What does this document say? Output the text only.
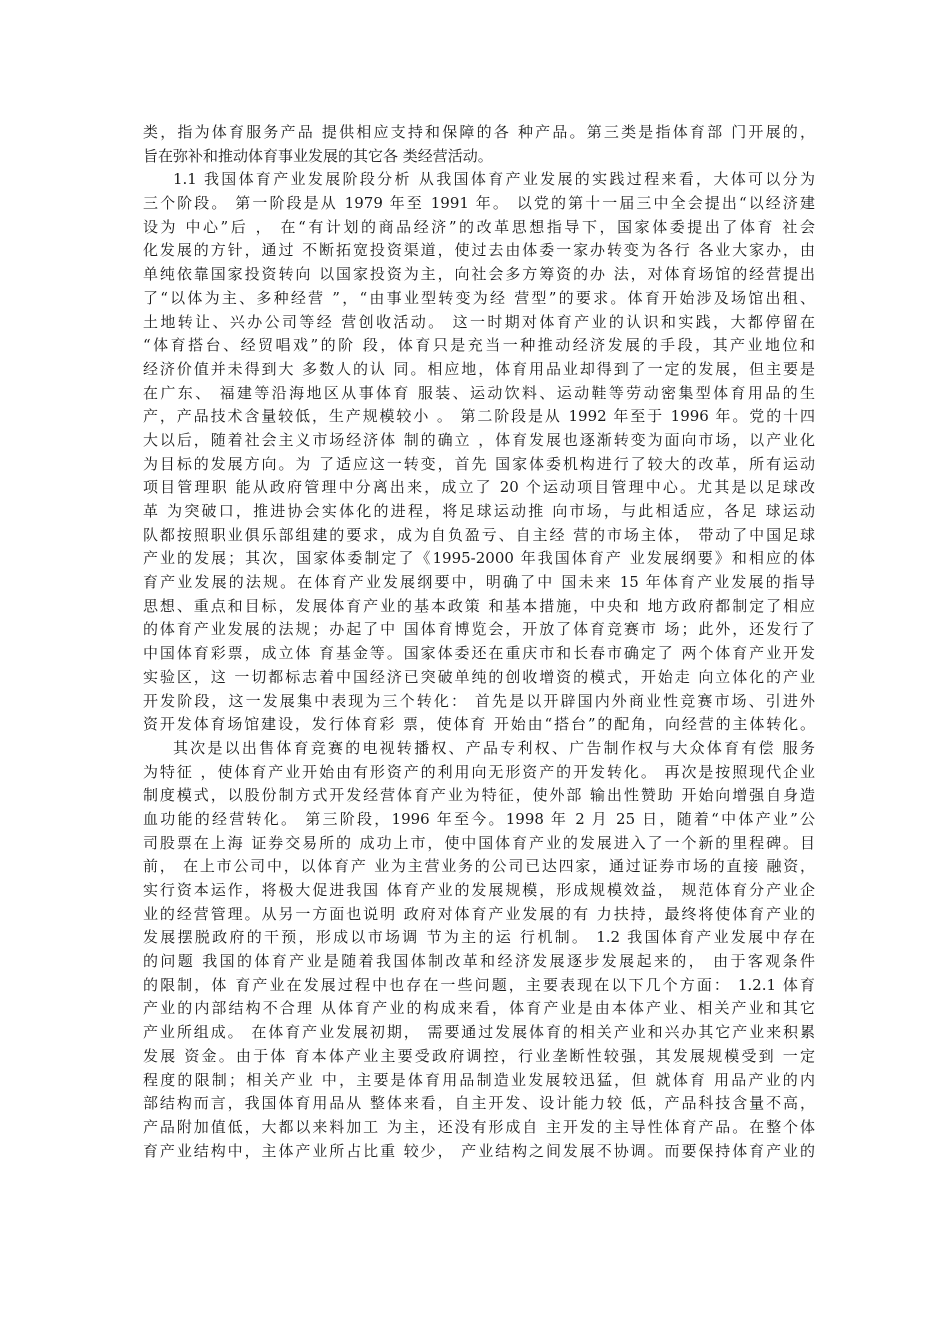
类，指为体育服务产品 提供相应支持和保障的各 种产品。第三类是指体育部 门开展的，
旨在弥补和推动体育事业发展的其它各 类经营活动。
1.1 我国体育产业发展阶段分析 从我国体育产业发展的实践过程来看，大体可以分为
三个阶段。 第一阶段是从 1979 年至 1991 年。 以党的第十一届三中全会提出“以经济建
设为 中心”后 ， 在“有计划的商品经济”的改革思想指导下，国家体委提出了体育 社会
化发展的方针，通过 不断拓宽投资渠道，使过去由体委一家办转变为各行 各业大家办，由
单纯依靠国家投资转向 以国家投资为主，向社会多方筹资的办 法，对体育场馆的经营提出
了“以体为主、多种经营 ”，“由事业型转变为经 营型”的要求。体育开始涉及场馆出租、
土地转让、兴办公司等经 营创收活动。 这一时期对体育产业的认识和实践，大都停留在
“体育搭台、经贸唱戏”的阶 段，体育只是充当一种推动经济发展的手段，其产业地位和
经济价值并未得到大 多数人的认 同。相应地，体育用品业却得到了一定的发展，但主要是
在广东、 福建等沿海地区从事体育 服装、运动饮料、运动鞋等劳动密集型体育用品的生
产，产品技术含量较低，生产规模较小 。 第二阶段是从 1992 年至于 1996 年。党的十四
大以后，随着社会主义市场经济体 制的确立 ，体育发展也逐渐转变为面向市场，以产业化
为目标的发展方向。为 了适应这一转变，首先 国家体委机构进行了较大的改革，所有运动
项目管理职 能从政府管理中分离出来，成立了 20 个运动项目管理中心。尤其是以足球改
革 为突破口，推进协会实体化的进程，将足球运动推 向市场，与此相适应，各足 球运动
队都按照职业俱乐部组建的要求，成为自负盈亏、自主经 营的市场主体， 带动了中国足球
产业的发展；其次，国家体委制定了《1995-2000 年我国体育产 业发展纲要》和相应的体
育产业发展的法规。在体育产业发展纲要中，明确了中 国未来 15 年体育产业发展的指导
思想、重点和目标，发展体育产业的基本政策 和基本措施，中央和 地方政府都制定了相应
的体育产业发展的法规；办起了中 国体育博览会，开放了体育竞赛市 场；此外，还发行了
中国体育彩票，成立体 育基金等。国家体委还在重庆市和长春市确定了 两个体育产业开发
实验区，这 一切都标志着中国经济已突破单纯的创收增资的模式，开始走 向立体化的产业
开发阶段，这一发展集中表现为三个转化： 首先是以开辟国内外商业性竞赛市场、引进外
资开发体育场馆建设，发行体育彩 票，使体育 开始由“搭台”的配角，向经营的主体转化。
其次是以出售体育竞赛的电视转播权、产品专利权、广告制作权与大众体育有偿 服务
为特征 ，使体育产业开始由有形资产的利用向无形资产的开发转化。 再次是按照现代企业
制度模式，以股份制方式开发经营体育产业为特征，使外部 输出性赞助 开始向增强自身造
血功能的经营转化。 第三阶段，1996 年至今。1998 年 2 月 25 日，随着“中体产业”公
司股票在上海 证券交易所的 成功上市，使中国体育产业的发展进入了一个新的里程碑。目
前， 在上市公司中，以体育产 业为主营业务的公司已达四家，通过证券市场的直接 融资，
实行资本运作，将极大促进我国 体育产业的发展规模，形成规模效益， 规范体育分产业企
业的经营管理。从另一方面也说明 政府对体育产业发展的有 力扶持，最终将使体育产业的
发展摆脱政府的干预，形成以市场调 节为主的运 行机制。 1.2 我国体育产业发展中存在
的问题 我国的体育产业是随着我国体制改革和经济发展逐步发展起来的， 由于客观条件
的限制，体 育产业在发展过程中也存在一些问题，主要表现在以下几个方面： 1.2.1 体育
产业的内部结构不合理 从体育产业的构成来看，体育产业是由本体产业、相关产业和其它
产业所组成。 在体育产业发展初期， 需要通过发展体育的相关产业和兴办其它产业来积累
发展 资金。由于体 育本体产业主要受政府调控，行业垄断性较强，其发展规模受到 一定
程度的限制；相关产业 中，主要是体育用品制造业发展较迅猛，但 就体育 用品产业的内
部结构而言，我国体育用品从 整体来看，自主开发、设计能力较 低，产品科技含量不高，
产品附加值低，大都以来料加工 为主，还没有形成自 主开发的主导性体育产品。在整个体
育产业结构中，主体产业所占比重 较少， 产业结构之间发展不协调。而要保持体育产业的
